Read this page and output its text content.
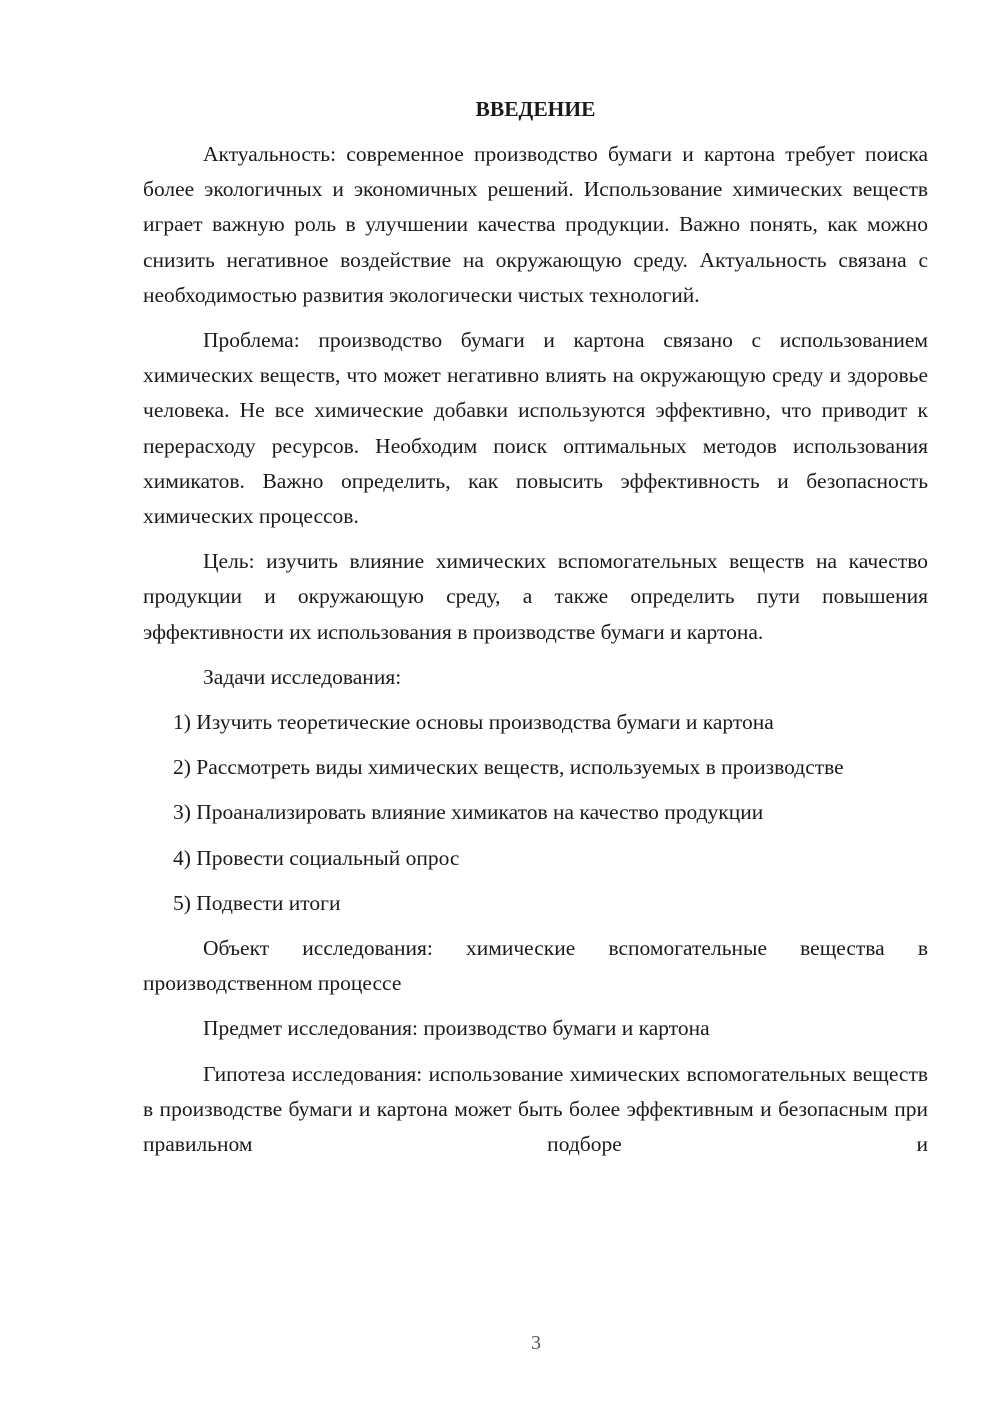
ВВЕДЕНИЕ

Актуальность: современное производство бумаги и картона требует поиска более экологичных и экономичных решений. Использование химических веществ играет важную роль в улучшении качества продукции. Важно понять, как можно снизить негативное воздействие на окружающую среду. Актуальность связана с необходимостью развития экологически чистых технологий.

Проблема: производство бумаги и картона связано с использованием химических веществ, что может негативно влиять на окружающую среду и здоровье человека. Не все химические добавки используются эффективно, что приводит к перерасходу ресурсов. Необходим поиск оптимальных методов использования химикатов. Важно определить, как повысить эффективность и безопасность химических процессов.

Цель: изучить влияние химических вспомогательных веществ на качество продукции и окружающую среду, а также определить пути повышения эффективности их использования в производстве бумаги и картона.

Задачи исследования:

1) Изучить теоретические основы производства бумаги и картона

2) Рассмотреть виды химических веществ, используемых в производстве

3) Проанализировать влияние химикатов на качество продукции

4) Провести социальный опрос

5) Подвести итоги

Объект исследования: химические вспомогательные вещества в производственном процессе

Предмет исследования: производство бумаги и картона

Гипотеза исследования: использование химических вспомогательных веществ в производстве бумаги и картона может быть более эффективным и безопасным при правильном подборе и

3
